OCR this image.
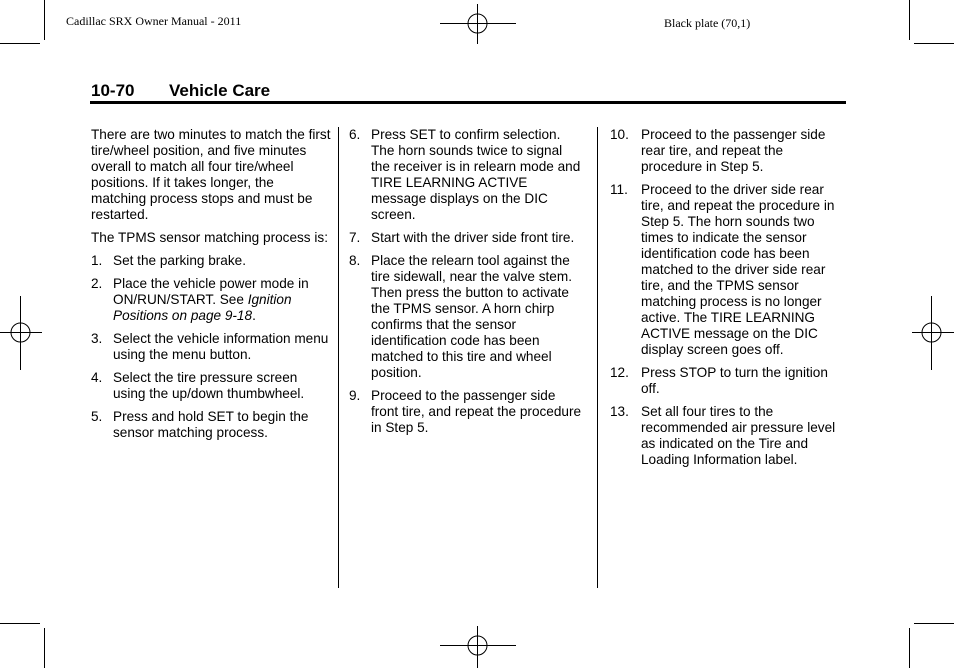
Cadillac SRX Owner Manual - 2011	Black plate (70,1)
10-70 Vehicle Care

There are two minutes to match the first tire/wheel position, and five minutes overall to match all four tire/wheel positions. If it takes longer, the matching process stops and must be restarted.

The TPMS sensor matching process is:

1. Set the parking brake.
2. Place the vehicle power mode in ON/RUN/START. See Ignition Positions on page 9-18.
3. Select the vehicle information menu using the menu button.
4. Select the tire pressure screen using the up/down thumbwheel.
5. Press and hold SET to begin the sensor matching process.
6. Press SET to confirm selection. The horn sounds twice to signal the receiver is in relearn mode and TIRE LEARNING ACTIVE message displays on the DIC screen.
7. Start with the driver side front tire.
8. Place the relearn tool against the tire sidewall, near the valve stem. Then press the button to activate the TPMS sensor. A horn chirp confirms that the sensor identification code has been matched to this tire and wheel position.
9. Proceed to the passenger side front tire, and repeat the procedure in Step 5.
10. Proceed to the passenger side rear tire, and repeat the procedure in Step 5.
11. Proceed to the driver side rear tire, and repeat the procedure in Step 5. The horn sounds two times to indicate the sensor identification code has been matched to the driver side rear tire, and the TPMS sensor matching process is no longer active. The TIRE LEARNING ACTIVE message on the DIC display screen goes off.
12. Press STOP to turn the ignition off.
13. Set all four tires to the recommended air pressure level as indicated on the Tire and Loading Information label.
